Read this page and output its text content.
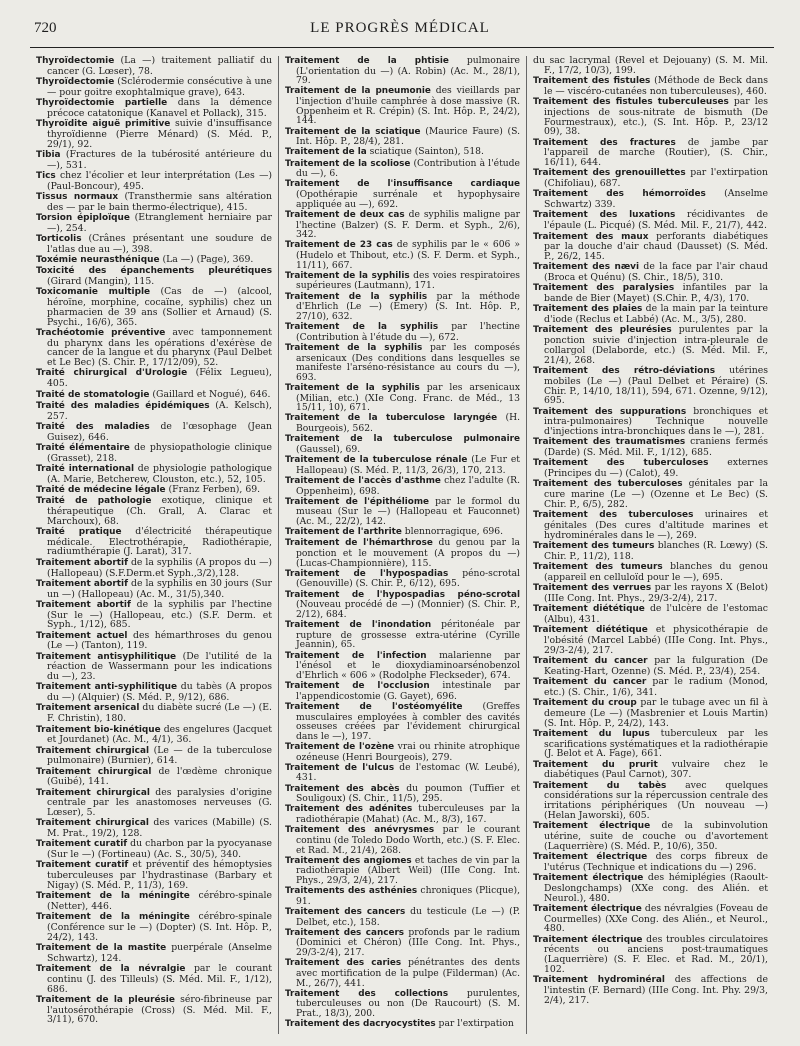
720	LE PROGRÈS MÉDICAL

Thyroïdectomie (La —) traitement palliatif du cancer (G. Lœser), 78.

Thyroïdectomie (Sclérodermie consécutive à une — pour goitre exophtalmique grave), 643.

Thyroïdectomie partielle dans la démence précoce catatonique (Kanavel et Pollack), 315.

Thyroïdite aiguë primitive suivie d'insuffisance thyroïdienne (Pierre Ménard) (S. Méd. P., 29/1), 92.

Tibia (Fractures de la tubérosité antérieure du —), 531.

Tics chez l'écolier et leur interprétation (Les —) (Paul-Boncour), 495.

Tissus normaux (Transthermie sans altération des — par le bain thermo-électrique), 415.

Torsion épiploïque (Etranglement herniaire par —), 254.

Torticolis (Crânes présentant une soudure de l'atlas due au —), 398.

Toxémie neurasthénique (La —) (Page), 369.

Toxicité des épanchements pleurétiques (Girard (Mangin), 115.

Toxicomanie multiple (Cas de —) (alcool, héroïne, morphine, cocaïne, syphilis) chez un pharmacien de 39 ans (Sollier et Arnaud) (S. Psychi., 16/6), 365.

Trachéotomie préventive avec tamponnement du pharynx dans les opérations d'exérèse de cancer de la langue et du pharynx (Paul Delbet et Le Bec) (S. Chir. P., 17/12/09), 52.

Traité chirurgical d'Urologie (Félix Legueu), 405.

Traité de stomatologie (Gaillard et Nogué), 646.

Traité des maladies épidémiques (A. Kelsch), 257.

Traité des maladies de l'œsophage (Jean Guisez), 646.

Traité élémentaire de physiopathologie clinique (Grasset), 218.

Traité international de physiologie pathologique (A. Marie, Betcherew, Clouston, etc.), 52, 105.

Traité de médecine légale (Franz Ferben), 69.

Traité de pathologie exotique, clinique et thérapeutique (Ch. Grall, A. Clarac et Marchoux), 68.

Traité pratique d'électricité thérapeutique médicale. Electrothérapie, Radiothérapie, radiumthérapie (J. Larat), 317.

Traitement abortif de la syphilis (A propos du —) (Hallopeau) (S.F.Derm.et Syph.,3/2),128.

Traitement abortif de la syphilis en 30 jours (Sur un —) (Hallopeau) (Ac. M., 31/5),340.

Traitement abortif de la syphilis par l'hectine (Sur le —) (Hallopeau, etc.) (S.F. Derm. et Syph., 1/12), 685.

Traitement actuel des hémarthroses du genou (Le —) (Tanton), 119.

Traitement antisyphilitique (De l'utilité de la réaction de Wassermann pour les indications du —), 23.

Traitement anti-syphilitique du tabès (A propos du —) (Alquier) (S. Méd. P., 9/12), 686.

Traitement arsenical du diabète sucré (Le —) (E. F. Christin), 180.

Traitement bio-kinétique des engelures (Jacquet et Jourdanet) (Ac. M., 4/1), 36.

Traitement chirurgical (Le — de la tuberculose pulmonaire) (Burnier), 614.

Traitement chirurgical de l'œdème chronique (Guibé), 141.

Traitement chirurgical des paralysies d'origine centrale par les anastomoses nerveuses (G. Lœser), 5.

Traitement chirurgical des varices (Mabille) (S. M. Prat., 19/2), 128.

Traitement curatif du charbon par la pyocyanase (Sur le —) (Fortineau) (Ac. S., 30/5), 340.

Traitement curatif et préventif des hémoptysies tuberculeuses par l'hydrastinase (Barbary et Nigay) (S. Méd. P., 11/3), 169.

Traitement de la méningite cérébro-spinale (Netter), 446.

Traitement de la méningite cérébro-spinale (Conférence sur le —) (Dopter) (S. Int. Hôp. P., 24/2), 143.

Traitement de la mastite puerpérale (Anselme Schwartz), 124.

Traitement de la névralgie par le courant continu (J. des Tilleuls) (S. Méd. Mil. F., 1/12), 686.

Traitement de la pleurésie séro-fibrineuse par l'autosérothérapie (Cross) (S. Méd. Mil. F., 3/11), 670.

Traitement de la phtisie pulmonaire (L'orientation du —) (A. Robin) (Ac. M., 28/1), 79.

Traitement de la pneumonie des vieillards par l'injection d'huile camphrée à dose massive (R. Oppenheim et R. Crépin) (S. Int. Hôp. P., 24/2), 144.

Traitement de la sciatique (Maurice Faure) (S. Int. Hôp. P., 28/4), 281.

Traitement de la sciatique (Sainton), 518.

Traitement de la scoliose (Contribution à l'étude du —), 6.

Traitement de l'insuffisance cardiaque (Opothérapie surrénale et hypophysaire appliquée au —), 692.

Traitement de deux cas de syphilis maligne par l'hectine (Balzer) (S. F. Derm. et Syph., 2/6), 342.

Traitement de 23 cas de syphilis par le « 606 » (Hudelo et Thibout, etc.) (S. F. Derm. et Syph., 11/11), 667.

Traitement de la syphilis des voies respiratoires supérieures (Lautmann), 171.

Traitement de la syphilis par la méthode d'Ehrlich (Le —) (Emery) (S. Int. Hôp. P., 27/10), 632.

Traitement de la syphilis par l'hectine (Contribution à l'étude du —), 672.

Traitement de la syphilis par les composés arsenicaux (Des conditions dans lesquelles se manifeste l'arséno-résistance au cours du —), 693.

Traitement de la syphilis par les arsenicaux (Milian, etc.) (XIe Cong. Franc. de Méd., 13 15/11, 10), 671.

Traitement de la tuberculose laryngée (H. Bourgeois), 562.

Traitement de la tuberculose pulmonaire (Gaussel), 69.

Traitement de la tuberculose rénale (Le Fur et Hallopeau) (S. Méd. P., 11/3, 26/3), 170, 213.

Traitement de l'accès d'asthme chez l'adulte (R. Oppenheim), 698.

Traitement de l'épithéliome par le formol du museau (Sur le —) (Hallopeau et Fauconnet) (Ac. M., 22/2), 142.

Traitement de l'arthrite blennorragique, 696.

Traitement de l'hémarthrose du genou par la ponction et le mouvement (A propos du —) (Lucas-Championnière), 115.

Traitement de l'hypospadias péno-scrotal (Genouville) (S. Chir. P., 6/12), 695.

Traitement de l'hypospadias péno-scrotal (Nouveau procédé de —) (Monnier) (S. Chir. P., 2/12), 684.

Traitement de l'inondation péritonéale par rupture de grossesse extra-utérine (Cyrille Jeannin), 65.

Traitement de l'infection malarienne par l'énésol et le dioxydiaminoarsénobenzol d'Ehrlich « 606 » (Rodolphe Fleckseder), 674.

Traitement de l'occlusion intestinale par l'appendicostomie (G. Gayet), 696.

Traitement de l'ostéomyélite (Greffes musculaires employées à combler des cavités osseuses créées par l'évidement chirurgical dans le —), 197.

Traitement de l'ozène vrai ou rhinite atrophique ozéneuse (Henri Bourgeois), 279.

Traitement de l'ulcus de l'estomac (W. Leubé), 431.

Traitement des abcès du poumon (Tuffier et Souligoux) (S. Chir., 11/5), 295.

Traitement des adénites tuberculeuses par la radiothérapie (Mahat) (Ac. M., 8/3), 167.

Traitement des anévrysmes par le courant continu (de Toledo Dodo Worth, etc.) (S. F. Elec. et Rad. M., 21/4), 268.

Traitement des angiomes et taches de vin par la radiothérapie (Albert Weil) (IIIe Cong. Int. Phys., 29/3, 2/4), 217.

Traitements des asthénies chroniques (Plicque), 91.

Traitement des cancers du testicule (Le —) (P. Delbet, etc.), 158.

Traitement des cancers profonds par le radium (Dominici et Chéron) (IIIe Cong. Int. Phys., 29/3-2/4), 217.

Traitement des caries pénétrantes des dents avec mortification de la pulpe (Filderman) (Ac. M., 26/7), 441.

Traitement des collections purulentes, tuberculeuses ou non (De Raucourt) (S. M. Prat., 18/3), 200.

Traitement des dacryocystites par l'extirpation

du sac lacrymal (Revel et Dejouany) (S. M. Mil. F., 17/2, 10/3), 199.

Traitement des fistules (Méthode de Beck dans le — viscéro-cutanées non tuberculeuses), 460.

Traitement des fistules tuberculeuses par les injections de sous-nitrate de bismuth (De Fourmestraux), etc.), (S. Int. Hôp. P., 23/12 09), 38.

Traitement des fractures de jambe par l'appareil de marche (Routier), (S. Chir., 16/11), 644.

Traitement des grenouillettes par l'extirpation (Chifoliau), 687.

Traitement des hémorroïdes (Anselme Schwartz) 339.

Traitement des luxations récidivantes de l'épaule (L. Picqué) (S. Méd. Mil. F., 21/7), 442.

Traitement des maux perforants diabétiques par la douche d'air chaud (Dausset) (S. Méd. P., 26/2, 145.

Traitement des nævi de la face par l'air chaud (Broca et Quénu) (S. Chir., 18/5), 310.

Traitement des paralysies infantiles par la bande de Bier (Mayet) (S.Chir. P., 4/3), 170.

Traitement des plaies de la main par la teinture d'iode (Reclus et Labbé) (Ac. M., 3/5), 280.

Traitement des pleurésies purulentes par la ponction suivie d'injection intra-pleurale de collargol (Delaborde, etc.) (S. Méd. Mil. F., 21/4), 268.

Traitement des rétro-déviations utérines mobiles (Le —) (Paul Delbet et Péraire) (S. Chir. P., 14/10, 18/11), 594, 671. Ozenne, 9/12), 695.

Traitement des suppurations bronchiques et intra-pulmonaires) Technique nouvelle d'injections intra-bronchiques dans le —), 281.

Traitement des traumatismes craniens fermés (Darde) (S. Méd. Mil. F., 1/12), 685.

Traitement des tuberculoses externes (Principes du —) (Calot), 49.

Traitement des tuberculoses génitales par la cure marine (Le —) (Ozenne et Le Bec) (S. Chir. P., 6/5), 282.

Traitement des tuberculoses urinaires et génitales (Des cures d'altitude marines et hydrominérales dans le —), 269.

Traitement des tumeurs blanches (R. Lœwy) (S. Chir. P., 11/2), 118.

Traitement des tumeurs blanches du genou (appareil en celluloïd pour le —), 695.

Traitement des verrues par les rayons X (Belot) (IIIe Cong. Int. Phys., 29/3-2/4), 217.

Traitement diététique de l'ulcère de l'estomac (Albu), 431.

Traitement diététique et physicothérapie de l'obésité (Marcel Labbé) (IIIe Cong. Int. Phys., 29/3-2/4), 217.

Traitement du cancer par la fulguration (De Keating-Hart, Ozenne) (S. Méd. P., 23/4), 254.

Traitement du cancer par le radium (Monod, etc.) (S. Chir., 1/6), 341.

Traitement du croup par le tubage avec un fil à demeure (Le —) (Masbrenier et Louis Martin) (S. Int. Hôp. P., 24/2), 143.

Traitement du lupus tuberculeux par les scarifications systématiques et la radiothérapie (J. Belot et A. Fage), 661.

Traitement du prurit vulvaire chez le diabétiques (Paul Carnot), 307.

Traitement du tabès avec quelques considérations sur la répercussion centrale des irritations périphériques (Un nouveau —) (Helan Jaworski), 605.

Traitement électrique de la subinvolution utérine, suite de couche ou d'avortement (Laquerrière) (S. Méd. P., 10/6), 350.

Traitement électrique des corps fibreux de l'utérus (Technique et indications du —) 296.

Traitement électrique des hémiplégies (Raoult-Deslongchamps) (XXe cong. des Alién. et Neurol.), 480.

Traitement électrique des névralgies (Foveau de Courmelles) (XXe Cong. des Alién., et Neurol., 480.

Traitement électrique des troubles circulatoires récents ou anciens post-traumatiques (Laquerrière) (S. F. Elec. et Rad. M., 20/1), 102.

Traitement hydrominéral des affections de l'intestin (F. Bernard) (IIIe Cong. Int. Phy. 29/3, 2/4), 217.
